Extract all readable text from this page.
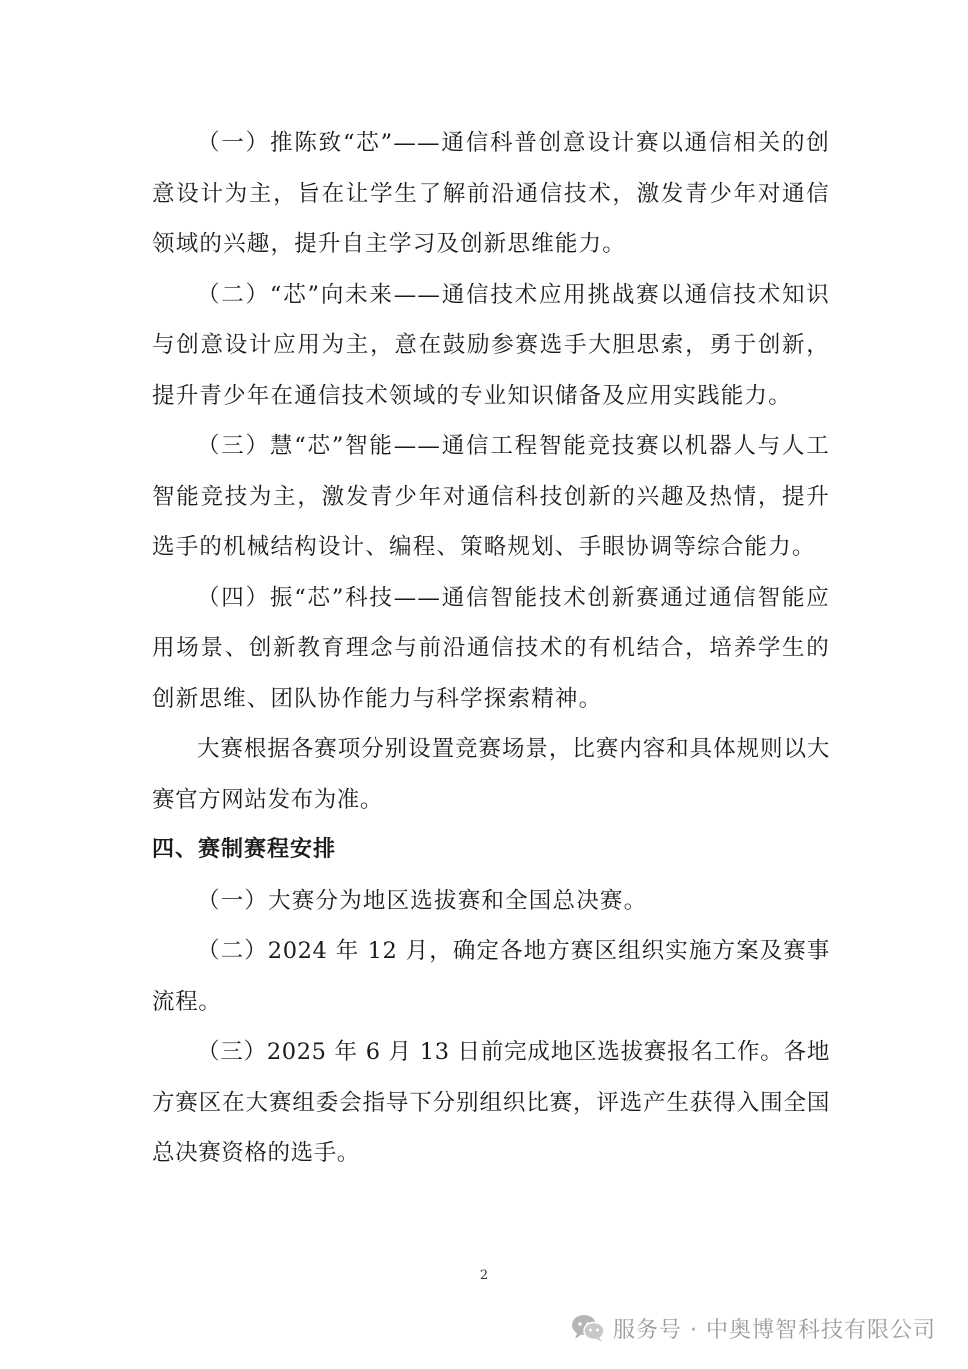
（一）推陈致“芯”——通信科普创意设计赛以通信相关的创意设计为主，旨在让学生了解前沿通信技术，激发青少年对通信领域的兴趣，提升自主学习及创新思维能力。

（二）“芯”向未来——通信技术应用挑战赛以通信技术知识与创意设计应用为主，意在鼓励参赛选手大胆思索，勇于创新，提升青少年在通信技术领域的专业知识储备及应用实践能力。

（三）慧“芯”智能——通信工程智能竞技赛以机器人与人工智能竞技为主，激发青少年对通信科技创新的兴趣及热情，提升选手的机械结构设计、编程、策略规划、手眼协调等综合能力。

（四）振“芯”科技——通信智能技术创新赛通过通信智能应用场景、创新教育理念与前沿通信技术的有机结合，培养学生的创新思维、团队协作能力与科学探索精神。

大赛根据各赛项分别设置竞赛场景，比赛内容和具体规则以大赛官方网站发布为准。

四、赛制赛程安排

（一）大赛分为地区选拔赛和全国总决赛。

（二）2024 年 12 月，确定各地方赛区组织实施方案及赛事流程。

（三）2025 年 6 月 13 日前完成地区选拔赛报名工作。各地方赛区在大赛组委会指导下分别组织比赛，评选产生获得入围全国总决赛资格的选手。

2
服务号 · 中奥博智科技有限公司
